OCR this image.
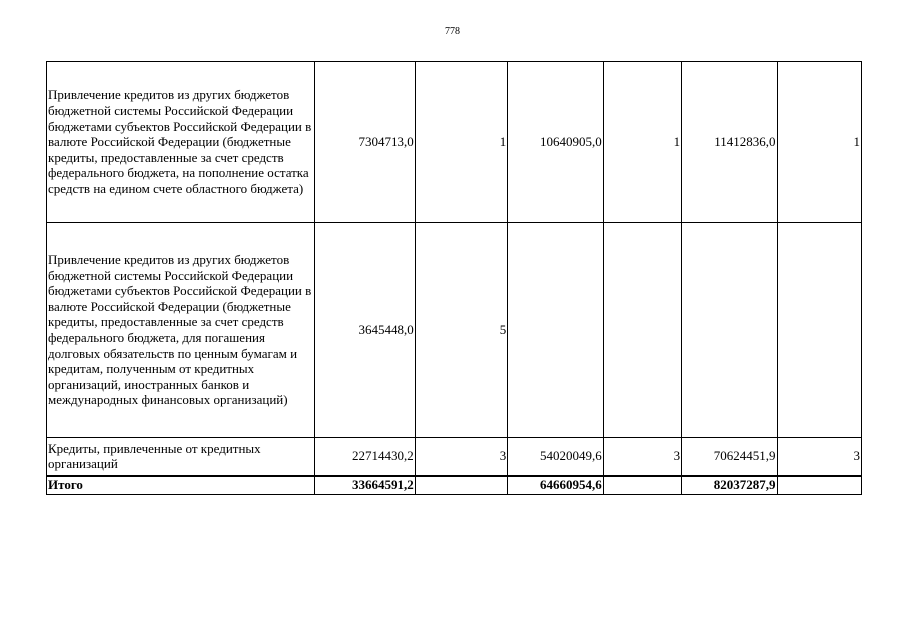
778
Привлечение кредитов из других бюджетов бюджетной системы Российской Федерации бюджетами субъектов Российской Федерации в валюте Российской Федерации (бюджетные кредиты, предоставленные за счет средств федерального бюджета, на пополнение остатка средств на едином счете областного бюджета)	7304713,0	1	10640905,0	1	11412836,0	1
Привлечение кредитов из других бюджетов бюджетной системы Российской Федерации бюджетами субъектов Российской Федерации в валюте Российской Федерации (бюджетные кредиты, предоставленные за счет средств федерального бюджета, для погашения долговых обязательств по ценным бумагам и кредитам, полученным от кредитных организаций, иностранных банков и международных финансовых организаций)	3645448,0	5				
Кредиты, привлеченные от кредитных организаций	22714430,2	3	54020049,6	3	70624451,9	3
Итого	33664591,2		64660954,6		82037287,9	
